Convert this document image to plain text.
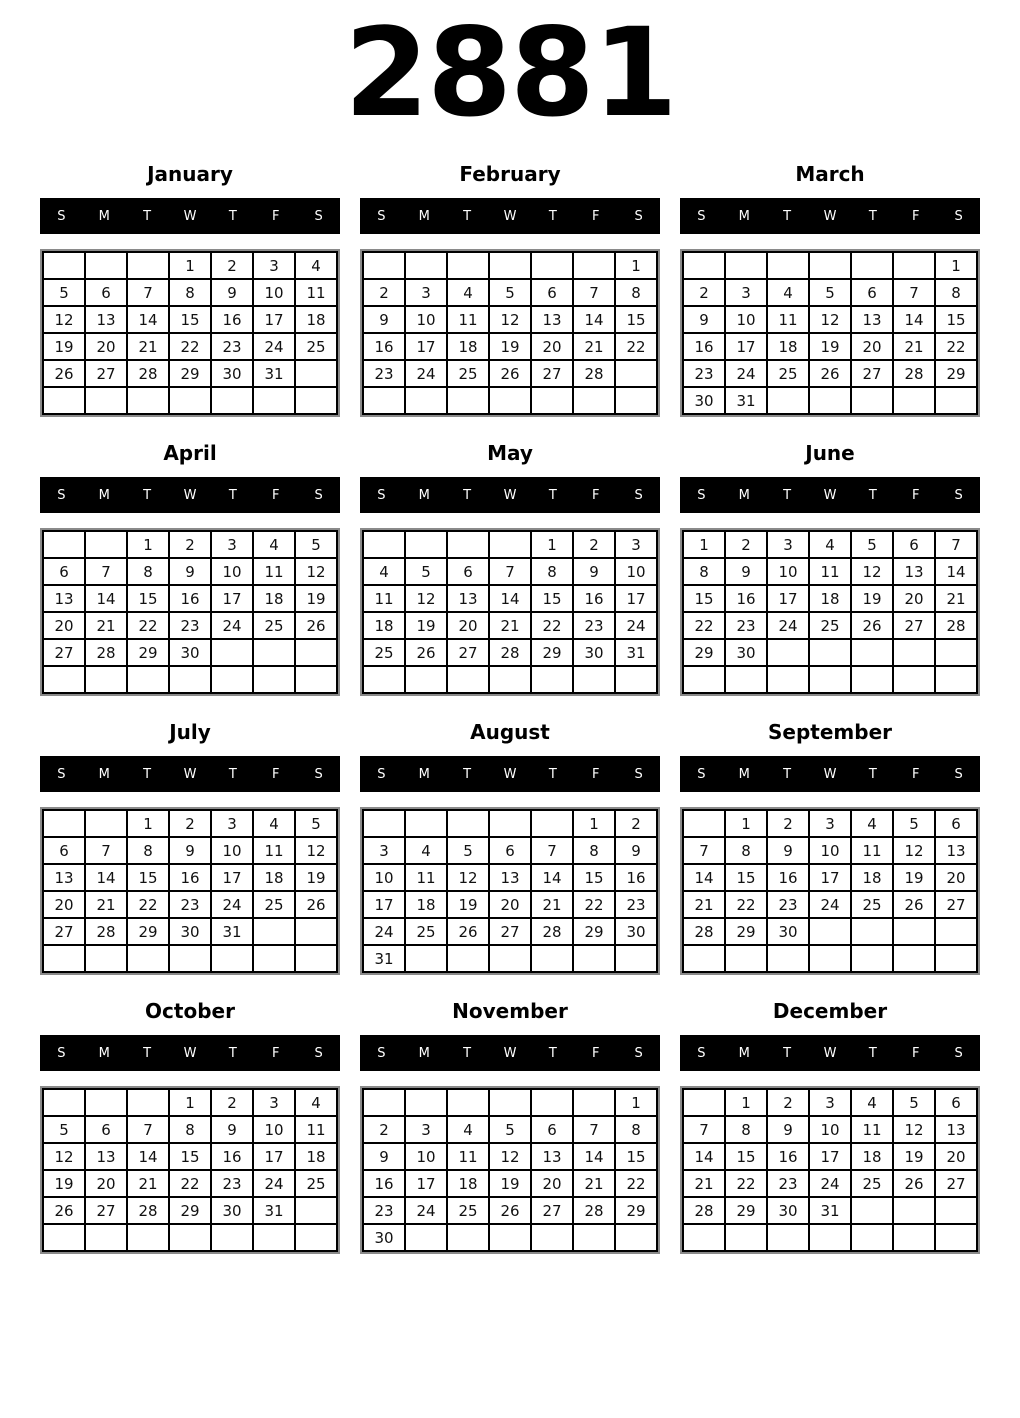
2881
January
S	M	T	W	T	F	S
			1	2	3	4
5	6	7	8	9	10	11
12	13	14	15	16	17	18
19	20	21	22	23	24	25
26	27	28	29	30	31	

February
S	M	T	W	T	F	S
						1
2	3	4	5	6	7	8
9	10	11	12	13	14	15
16	17	18	19	20	21	22
23	24	25	26	27	28	

March
S	M	T	W	T	F	S
						1
2	3	4	5	6	7	8
9	10	11	12	13	14	15
16	17	18	19	20	21	22
23	24	25	26	27	28	29
30	31					
April
S	M	T	W	T	F	S
		1	2	3	4	5
6	7	8	9	10	11	12
13	14	15	16	17	18	19
20	21	22	23	24	25	26
27	28	29	30			

May
S	M	T	W	T	F	S
				1	2	3
4	5	6	7	8	9	10
11	12	13	14	15	16	17
18	19	20	21	22	23	24
25	26	27	28	29	30	31

June
S	M	T	W	T	F	S
1	2	3	4	5	6	7
8	9	10	11	12	13	14
15	16	17	18	19	20	21
22	23	24	25	26	27	28
29	30					

July
S	M	T	W	T	F	S
		1	2	3	4	5
6	7	8	9	10	11	12
13	14	15	16	17	18	19
20	21	22	23	24	25	26
27	28	29	30	31		

August
S	M	T	W	T	F	S
					1	2
3	4	5	6	7	8	9
10	11	12	13	14	15	16
17	18	19	20	21	22	23
24	25	26	27	28	29	30
31						
September
S	M	T	W	T	F	S
	1	2	3	4	5	6
7	8	9	10	11	12	13
14	15	16	17	18	19	20
21	22	23	24	25	26	27
28	29	30				

October
S	M	T	W	T	F	S
			1	2	3	4
5	6	7	8	9	10	11
12	13	14	15	16	17	18
19	20	21	22	23	24	25
26	27	28	29	30	31	

November
S	M	T	W	T	F	S
						1
2	3	4	5	6	7	8
9	10	11	12	13	14	15
16	17	18	19	20	21	22
23	24	25	26	27	28	29
30						
December
S	M	T	W	T	F	S
	1	2	3	4	5	6
7	8	9	10	11	12	13
14	15	16	17	18	19	20
21	22	23	24	25	26	27
28	29	30	31			
